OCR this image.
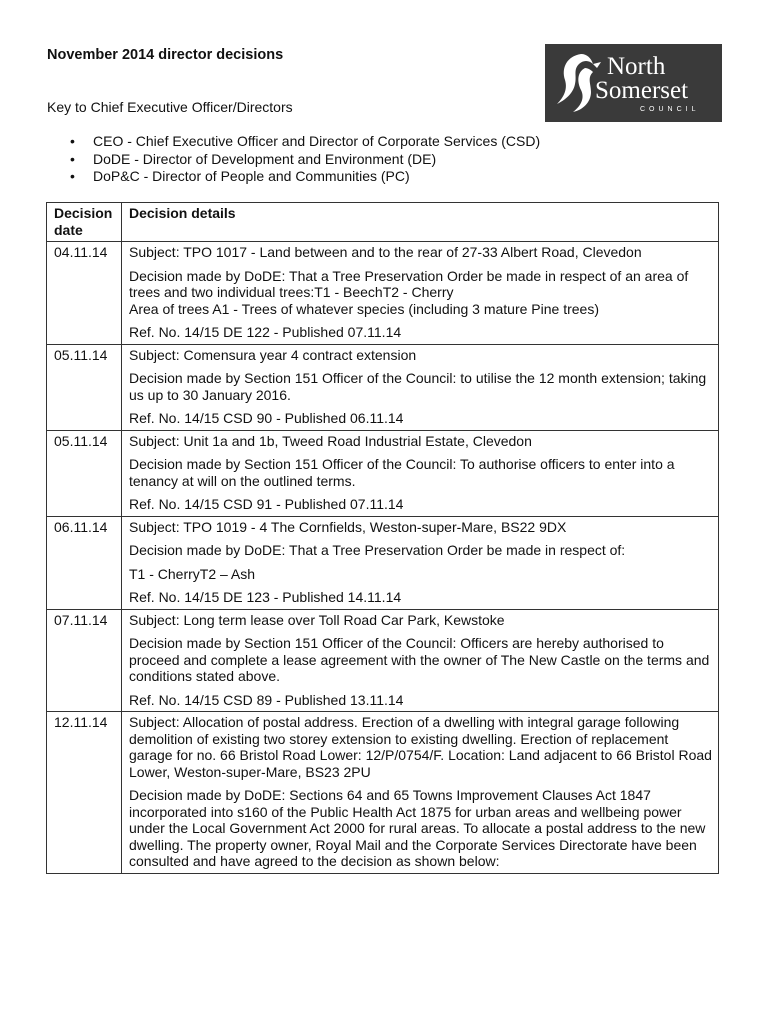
November 2014 director decisions	North
Somerset
COUNCIL

Key to Chief Executive Officer/Directors

• CEO - Chief Executive Officer and Director of Corporate Services (CSD)
• DoDE - Director of Development and Environment (DE)
• DoP&C - Director of People and Communities (PC)
Decision date	Decision details
04.11.14	Subject: TPO 1017 - Land between and to the rear of 27-33 Albert Road, Clevedon

Decision made by DoDE: That a Tree Preservation Order be made in respect of an area of trees and two individual trees:T1 - BeechT2 - Cherry
Area of trees A1 - Trees of whatever species (including 3 mature Pine trees)

Ref. No. 14/15 DE 122 - Published 07.11.14

05.11.14	Subject: Comensura year 4 contract extension

Decision made by Section 151 Officer of the Council: to utilise the 12 month extension; taking us up to 30 January 2016.

Ref. No. 14/15 CSD 90 - Published 06.11.14

05.11.14	Subject: Unit 1a and 1b, Tweed Road Industrial Estate, Clevedon

Decision made by Section 151 Officer of the Council: To authorise officers to enter into a tenancy at will on the outlined terms.

Ref. No. 14/15 CSD 91 - Published 07.11.14

06.11.14	Subject: TPO 1019 - 4 The Cornfields, Weston-super-Mare, BS22 9DX

Decision made by DoDE: That a Tree Preservation Order be made in respect of:

T1 - CherryT2 – Ash

Ref. No. 14/15 DE 123 - Published 14.11.14

07.11.14	Subject: Long term lease over Toll Road Car Park, Kewstoke

Decision made by Section 151 Officer of the Council: Officers are hereby authorised to proceed and complete a lease agreement with the owner of The New Castle on the terms and conditions stated above.

Ref. No. 14/15 CSD 89 - Published 13.11.14

12.11.14	Subject: Allocation of postal address. Erection of a dwelling with integral garage following demolition of existing two storey extension to existing dwelling. Erection of replacement garage for no. 66 Bristol Road Lower: 12/P/0754/F. Location: Land adjacent to 66 Bristol Road Lower, Weston-super-Mare, BS23 2PU

Decision made by DoDE: Sections 64 and 65 Towns Improvement Clauses Act 1847 incorporated into s160 of the Public Health Act 1875 for urban areas and wellbeing power under the Local Government Act 2000 for rural areas. To allocate a postal address to the new dwelling. The property owner, Royal Mail and the Corporate Services Directorate have been consulted and have agreed to the decision as shown below:
